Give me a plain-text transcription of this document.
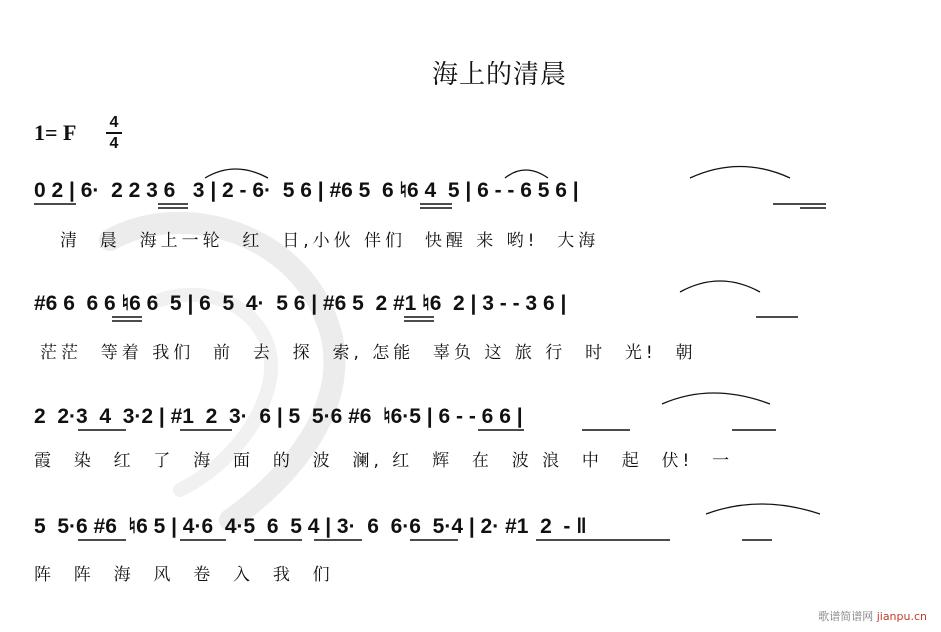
海上的清晨
1= F	4
4
0 2 | 6·  2 2 3 6   3 | 2 - 6·  5 6 | #6 5  6 ♮6 4  5 | 6 - - 6 5 6 |
清  晨  海上一轮  红  日,小伙 伴们  快醒 来 哟!  大海
#6 6  6 6 ♮6 6  5 | 6  5  4·  5 6 | #6 5  2 #1 ♮6  2 | 3 - - 3 6 |
茫茫  等着 我们  前  去  探  索, 怎能  辜负 这 旅 行  时  光!  朝
2  2·3  4  3·2 | #1  2  3·  6 | 5  5·6 #6  ♮6·5 | 6 - - 6 6 |
霞  染  红  了  海  面  的  波  澜, 红  辉  在  波 浪  中  起  伏!  一
5  5·6 #6  ♮6 5 | 4·6  4·5  6  5 4 | 3·  6  6·6  5·4 | 2· #1  2  - ‖
阵  阵  海  风  卷  入  我  们
歌谱简谱网 jianpu.cn
